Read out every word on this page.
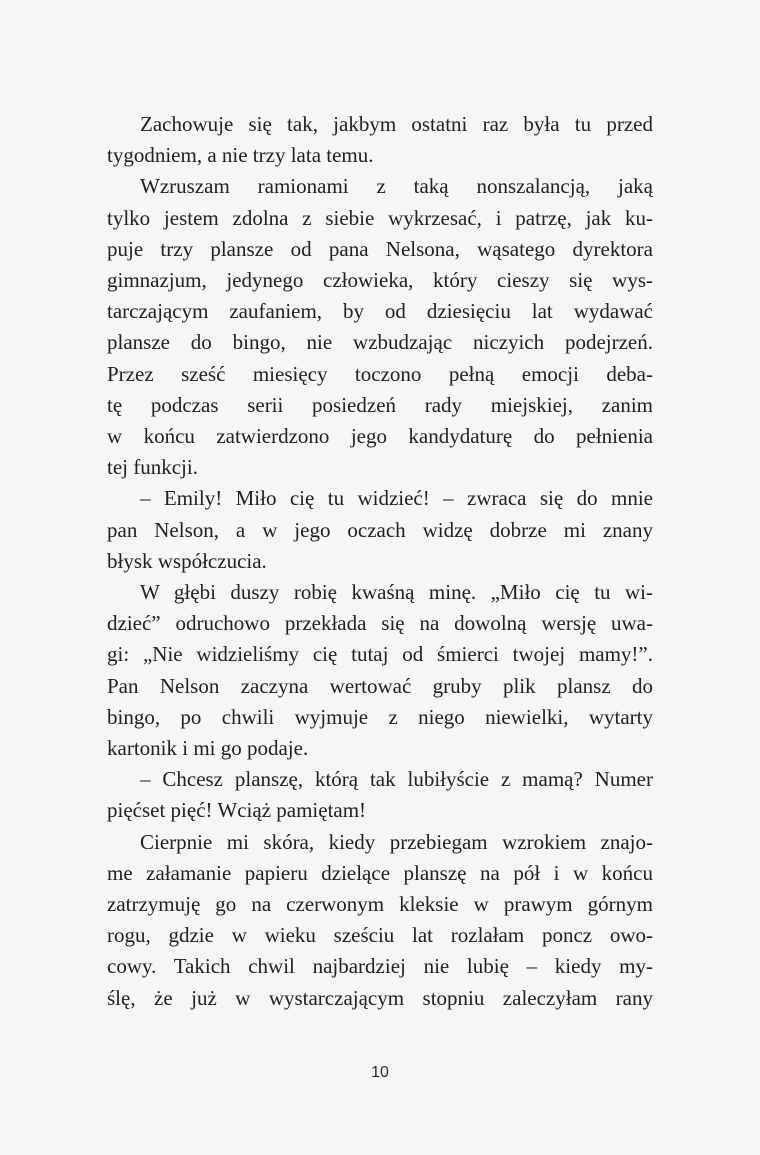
Zachowuje się tak, jakbym ostatni raz była tu przed
tygodniem, a nie trzy lata temu.
Wzruszam ramionami z taką nonszalancją, jaką
tylko jestem zdolna z siebie wykrzesać, i patrzę, jak ku-
puje trzy plansze od pana Nelsona, wąsatego dyrektora
gimnazjum, jedynego człowieka, który cieszy się wys-
tarczającym zaufaniem, by od dziesięciu lat wydawać
plansze do bingo, nie wzbudzając niczyich podejrzeń.
Przez sześć miesięcy toczono pełną emocji deba-
tę podczas serii posiedzeń rady miejskiej, zanim
w końcu zatwierdzono jego kandydaturę do pełnienia
tej funkcji.
– Emily! Miło cię tu widzieć! – zwraca się do mnie
pan Nelson, a w jego oczach widzę dobrze mi znany
błysk współczucia.
W głębi duszy robię kwaśną minę. „Miło cię tu wi-
dzieć” odruchowo przekłada się na dowolną wersję uwa-
gi: „Nie widzieliśmy cię tutaj od śmierci twojej mamy!”.
Pan Nelson zaczyna wertować gruby plik plansz do
bingo, po chwili wyjmuje z niego niewielki, wytarty
kartonik i mi go podaje.
– Chcesz planszę, którą tak lubiłyście z mamą? Numer
pięćset pięć! Wciąż pamiętam!
Cierpnie mi skóra, kiedy przebiegam wzrokiem znajo-
me załamanie papieru dzielące planszę na pół i w końcu
zatrzymuję go na czerwonym kleksie w prawym górnym
rogu, gdzie w wieku sześciu lat rozlałam poncz owo-
cowy. Takich chwil najbardziej nie lubię – kiedy my-
ślę, że już w wystarczającym stopniu zaleczyłam rany
10
